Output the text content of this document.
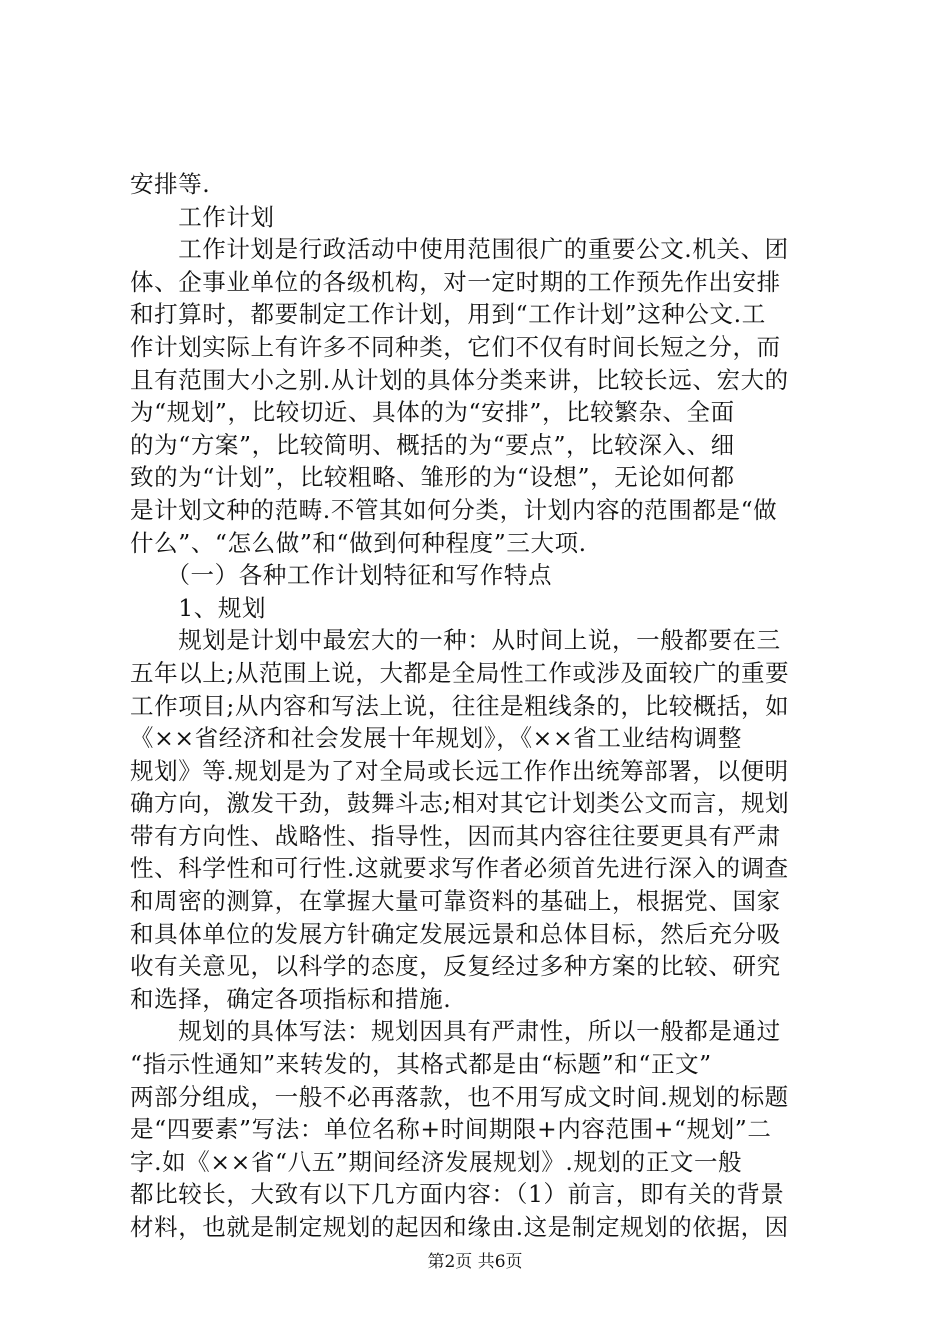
安排等.
　　工作计划
　　工作计划是行政活动中使用范围很广的重要公文.机关、团
体、企事业单位的各级机构，对一定时期的工作预先作出安排
和打算时，都要制定工作计划，用到“工作计划”这种公文.工
作计划实际上有许多不同种类，它们不仅有时间长短之分，而
且有范围大小之别.从计划的具体分类来讲，比较长远、宏大的
为“规划”，比较切近、具体的为“安排”，比较繁杂、全面
的为“方案”，比较简明、概括的为“要点”，比较深入、细
致的为“计划”，比较粗略、雏形的为“设想”，无论如何都
是计划文种的范畴.不管其如何分类，计划内容的范围都是“做
什么”、“怎么做”和“做到何种程度”三大项.
　　（一）各种工作计划特征和写作特点
　　1、规划
　　规划是计划中最宏大的一种：从时间上说，一般都要在三
五年以上;从范围上说，大都是全局性工作或涉及面较广的重要
工作项目;从内容和写法上说，往往是粗线条的，比较概括，如
《××省经济和社会发展十年规划》，《××省工业结构调整
规划》等.规划是为了对全局或长远工作作出统筹部署，以便明
确方向，激发干劲，鼓舞斗志;相对其它计划类公文而言，规划
带有方向性、战略性、指导性，因而其内容往往要更具有严肃
性、科学性和可行性.这就要求写作者必须首先进行深入的调查
和周密的测算，在掌握大量可靠资料的基础上，根据党、国家
和具体单位的发展方针确定发展远景和总体目标，然后充分吸
收有关意见，以科学的态度，反复经过多种方案的比较、研究
和选择，确定各项指标和措施.
　　规划的具体写法：规划因具有严肃性，所以一般都是通过
“指示性通知”来转发的，其格式都是由“标题”和“正文”
两部分组成，一般不必再落款，也不用写成文时间.规划的标题
是“四要素”写法：单位名称+时间期限+内容范围+“规划”二
字.如《××省“八五”期间经济发展规划》.规划的正文一般
都比较长，大致有以下几方面内容：（1）前言，即有关的背景
材料，也就是制定规划的起因和缘由.这是制定规划的依据，因
第2页 共6页
